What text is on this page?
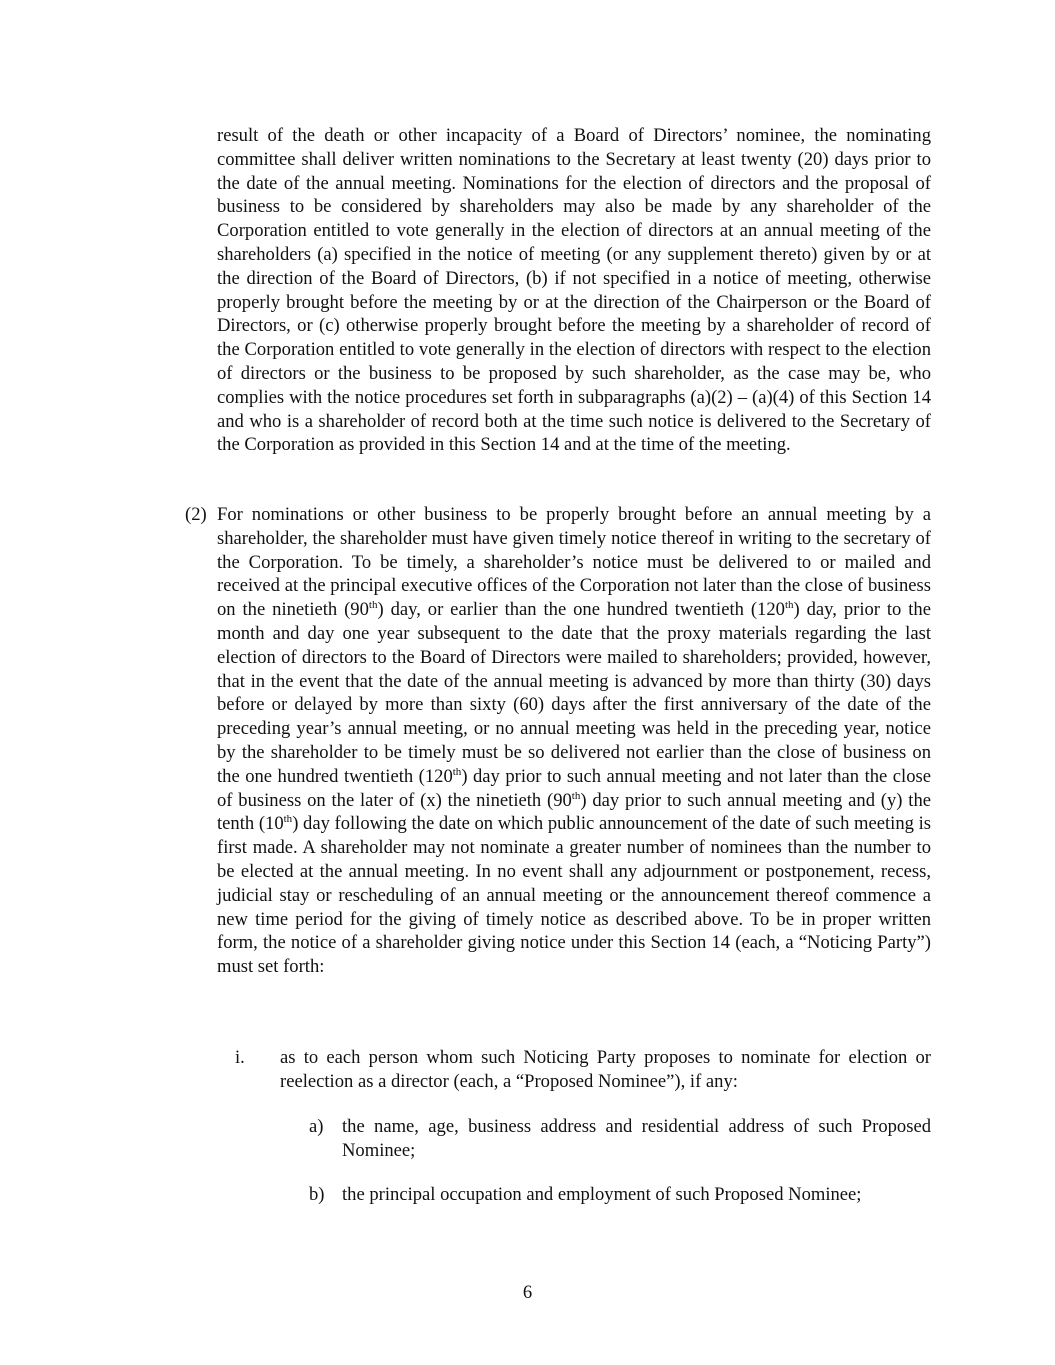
result of the death or other incapacity of a Board of Directors’ nominee, the nominating committee shall deliver written nominations to the Secretary at least twenty (20) days prior to the date of the annual meeting. Nominations for the election of directors and the proposal of business to be considered by shareholders may also be made by any shareholder of the Corporation entitled to vote generally in the election of directors at an annual meeting of the shareholders (a) specified in the notice of meeting (or any supplement thereto) given by or at the direction of the Board of Directors, (b) if not specified in a notice of meeting, otherwise properly brought before the meeting by or at the direction of the Chairperson or the Board of Directors, or (c) otherwise properly brought before the meeting by a shareholder of record of the Corporation entitled to vote generally in the election of directors with respect to the election of directors or the business to be proposed by such shareholder, as the case may be, who complies with the notice procedures set forth in subparagraphs (a)(2) – (a)(4) of this Section 14 and who is a shareholder of record both at the time such notice is delivered to the Secretary of the Corporation as provided in this Section 14 and at the time of the meeting.
(2) For nominations or other business to be properly brought before an annual meeting by a shareholder, the shareholder must have given timely notice thereof in writing to the secretary of the Corporation. To be timely, a shareholder’s notice must be delivered to or mailed and received at the principal executive offices of the Corporation not later than the close of business on the ninetieth (90th) day, or earlier than the one hundred twentieth (120th) day, prior to the month and day one year subsequent to the date that the proxy materials regarding the last election of directors to the Board of Directors were mailed to shareholders; provided, however, that in the event that the date of the annual meeting is advanced by more than thirty (30) days before or delayed by more than sixty (60) days after the first anniversary of the date of the preceding year’s annual meeting, or no annual meeting was held in the preceding year, notice by the shareholder to be timely must be so delivered not earlier than the close of business on the one hundred twentieth (120th) day prior to such annual meeting and not later than the close of business on the later of (x) the ninetieth (90th) day prior to such annual meeting and (y) the tenth (10th) day following the date on which public announcement of the date of such meeting is first made. A shareholder may not nominate a greater number of nominees than the number to be elected at the annual meeting. In no event shall any adjournment or postponement, recess, judicial stay or rescheduling of an annual meeting or the announcement thereof commence a new time period for the giving of timely notice as described above. To be in proper written form, the notice of a shareholder giving notice under this Section 14 (each, a “Noticing Party”) must set forth:
i. as to each person whom such Noticing Party proposes to nominate for election or reelection as a director (each, a “Proposed Nominee”), if any:
a) the name, age, business address and residential address of such Proposed Nominee;
b) the principal occupation and employment of such Proposed Nominee;
6
